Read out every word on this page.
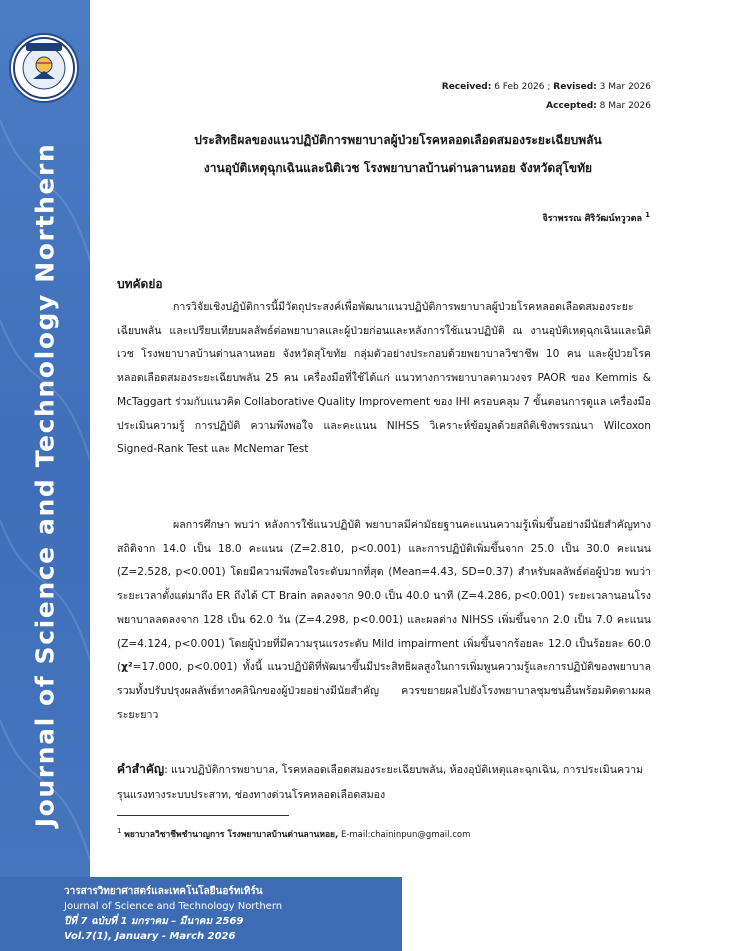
Journal of Science and Technology Northern
Received: 6 Feb 2026 ; Revised: 3 Mar 2026
Accepted: 8 Mar 2026
ประสิทธิผลของแนวปฏิบัติการพยาบาลผู้ป่วยโรคหลอดเลือดสมองระยะเฉียบพลัน
งานอุบัติเหตุฉุกเฉินและนิติเวช โรงพยาบาลบ้านด่านลานหอย จังหวัดสุโขทัย
จิราพรรณ ศิริวัฒน์ทวูวตล $^1$
บทคัดย่อ

การวิจัยเชิงปฏิบัติการนี้มีวัตถุประสงค์เพื่อพัฒนาแนวปฏิบัติการพยาบาลผู้ป่วยโรคหลอดเลือดสมองระยะเฉียบพลัน และเปรียบเทียบผลลัพธ์ต่อพยาบาลและผู้ป่วยก่อนและหลังการใช้แนวปฏิบัติ ณ งานอุบัติเหตุฉุกเฉินและนิติเวช โรงพยาบาลบ้านด่านลานหอย จังหวัดสุโขทัย กลุ่มตัวอย่างประกอบด้วยพยาบาลวิชาชีพ 10 คน และผู้ป่วยโรคหลอดเลือดสมองระยะเฉียบพลัน 25 คน เครื่องมือที่ใช้ได้แก่ แนวทางการพยาบาลตามวงจร PAOR ของ Kemmis & McTaggart ร่วมกับแนวคิด Collaborative Quality Improvement ของ IHI ครอบคลุม 7 ขั้นตอนการดูแล เครื่องมือประเมินความรู้ การปฏิบัติ ความพึงพอใจ และคะแนน NIHSS วิเคราะห์ข้อมูลด้วยสถิติเชิงพรรณนา Wilcoxon Signed-Rank Test และ McNemar Test

ผลการศึกษา พบว่า หลังการใช้แนวปฏิบัติ พยาบาลมีค่ามัธยฐานคะแนนความรู้เพิ่มขึ้นอย่างมีนัยสำคัญทางสถิติจาก 14.0 เป็น 18.0 คะแนน (Z=2.810, p<0.001) และการปฏิบัติเพิ่มขึ้นจาก 25.0 เป็น 30.0 คะแนน (Z=2.528, p<0.001) โดยมีความพึงพอใจระดับมากที่สุด (Mean=4.43, SD=0.37) สำหรับผลลัพธ์ต่อผู้ป่วย พบว่าระยะเวลาตั้งแต่มาถึง ER ถึงได้ CT Brain ลดลงจาก 90.0 เป็น 40.0 นาที (Z=4.286, p<0.001) ระยะเวลานอนโรงพยาบาลลดลงจาก 128 เป็น 62.0 วัน (Z=4.298, p<0.001) และผลต่าง NIHSS เพิ่มขึ้นจาก 2.0 เป็น 7.0 คะแนน (Z=4.124, p<0.001) โดยผู้ป่วยที่มีความรุนแรงระดับ Mild impairment เพิ่มขึ้นจากร้อยละ 12.0 เป็นร้อยละ 60.0 (χ²=17.000, p<0.001) ทั้งนี้ แนวปฏิบัติที่พัฒนาขึ้นมีประสิทธิผลสูงในการเพิ่มพูนความรู้และการปฏิบัติของพยาบาล รวมทั้งปรับปรุงผลลัพธ์ทางคลินิกของผู้ป่วยอย่างมีนัยสำคัญ ควรขยายผลไปยังโรงพยาบาลชุมชนอื่นพร้อมติดตามผลระยะยาว

คำสำคัญ: แนวปฏิบัติการพยาบาล, โรคหลอดเลือดสมองระยะเฉียบพลัน, ห้องอุบัติเหตุและฉุกเฉิน, การประเมินความรุนแรงทางระบบประสาท, ช่องทางด่วนโรคหลอดเลือดสมอง

$^1$ พยาบาลวิชาชีพชำนาญการ โรงพยาบาลบ้านด่านลานหอย, E-mail:chaininpun@gmail.com
วารสารวิทยาศาสตร์และเทคโนโลยีนอร์ทเทิร์น
Journal of Science and Technology Northern
ปีที่ 7 ฉบับที่ 1 มกราคม – มีนาคม 2569
Vol.7(1), January - March 2026
